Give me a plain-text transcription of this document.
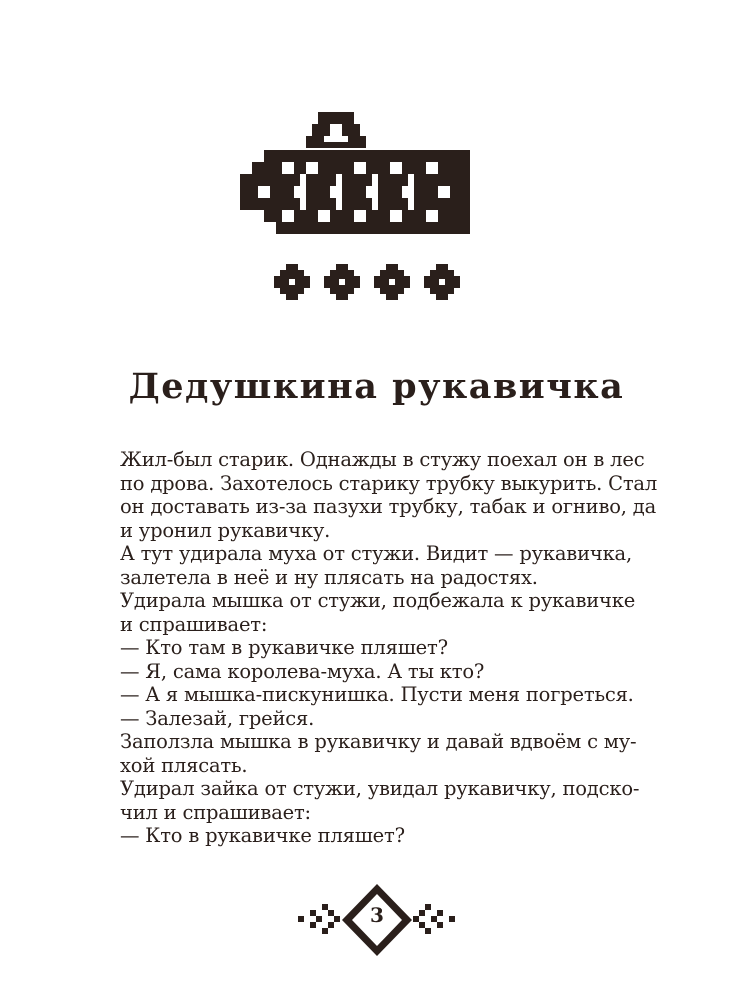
Дедушкина рукавичка
Жил-был старик. Однажды в стужу поехал он в лес
по дрова. Захотелось старику трубку выкурить. Стал
он доставать из-за пазухи трубку, табак и огниво, да
и уронил рукавичку.
А тут удирала муха от стужи. Видит — рукавичка,
залетела в неё и ну плясать на радостях.
Удирала мышка от стужи, подбежала к рукавичке
и спрашивает:
— Кто там в рукавичке пляшет?
— Я, сама королева-муха. А ты кто?
— А я мышка-пискунишка. Пусти меня погреться.
— Залезай, грейся.
Заползла мышка в рукавичку и давай вдвоём с му-
хой плясать.
Удирал зайка от стужи, увидал рукавичку, подско-
чил и спрашивает:
— Кто в рукавичке пляшет?
3
